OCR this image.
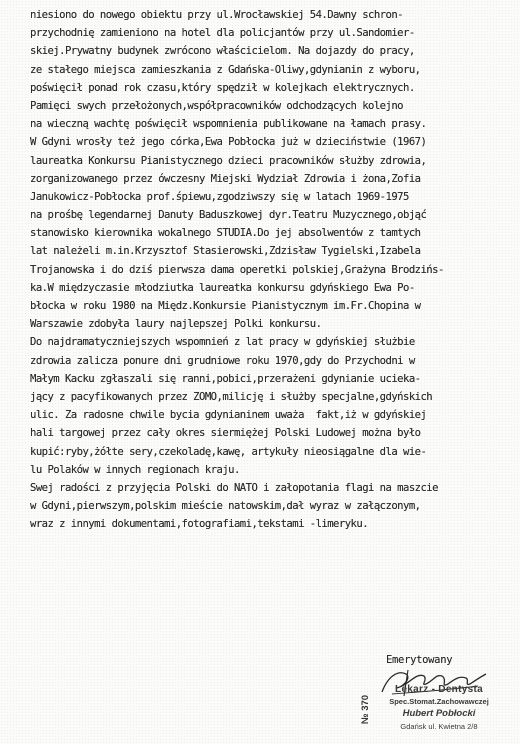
niesiono do nowego obiektu przy ul.Wrocławskiej 54.Dawny schron-
przychodnię zamieniono na hotel dla policjantów przy ul.Sandomier-
skiej.Prywatny budynek zwrócono właścicielom. Na dojazdy do pracy,
ze stałego miejsca zamieszkania z Gdańska-Oliwy,gdynianin z wyboru,
poświęcił ponad rok czasu,który spędził w kolejkach elektrycznych.
Pamięci swych przełożonych,współpracowników odchodzących kolejno
na wieczną wachtę poświęcił wspomnienia publikowane na łamach prasy.
W Gdyni wrosły też jego córka,Ewa Pobłocka już w dzieciństwie (1967)
laureatka Konkursu Pianistycznego dzieci pracowników służby zdrowia,
zorganizowanego przez ówczesny Miejski Wydział Zdrowia i żona,Zofia
Janukowicz-Pobłocka prof.śpiewu,zgodziwszy się w latach 1969-1975
na prośbę legendarnej Danuty Baduszkowej dyr.Teatru Muzycznego,objąć
stanowisko kierownika wokalnego STUDIA.Do jej absolwentów z tamtych
lat należeli m.in.Krzysztof Stasierowski,Zdzisław Tygielski,Izabela
Trojanowska i do dziś pierwsza dama operetki polskiej,Grażyna Brodzińs-
ka.W międzyczasie młodziutka laureatka konkursu gdyńskiego Ewa Po-
błocka w roku 1980 na Międz.Konkursie Pianistycznym im.Fr.Chopina w
Warszawie zdobyła laury najlepszej Polki konkursu.
Do najdramatyczniejszych wspomnień z lat pracy w gdyńskiej służbie
zdrowia zalicza ponure dni grudniowe roku 1970,gdy do Przychodni w
Małym Kacku zgłaszali się ranni,pobici,przerażeni gdynianie ucieka-
jący z pacyfikowanych przez ZOMO,milicję i służby specjalne,gdyńskich
ulic. Za radosne chwile bycia gdynianinem uważa  fakt,iż w gdyńskiej
hali targowej przez cały okres siermiężej Polski Ludowej można było
kupić:ryby,żółte sery,czekoladę,kawę, artykuły nieosiągalne dla wie-
lu Polaków w innych regionach kraju.
Swej radości z przyjęcia Polski do NATO i załopotania flagi na maszcie
w Gdyni,pierwszym,polskim mieście natowskim,dał wyraz w załączonym,
wraz z innymi dokumentami,fotografiami,tekstami -limeryku.
Emerytowany
№ 370
Lekarz - Dentysta
Spec.Stomat.Zachowawczej
Hubert Pobłocki
Gdańsk ul. Kwietna 2/8
